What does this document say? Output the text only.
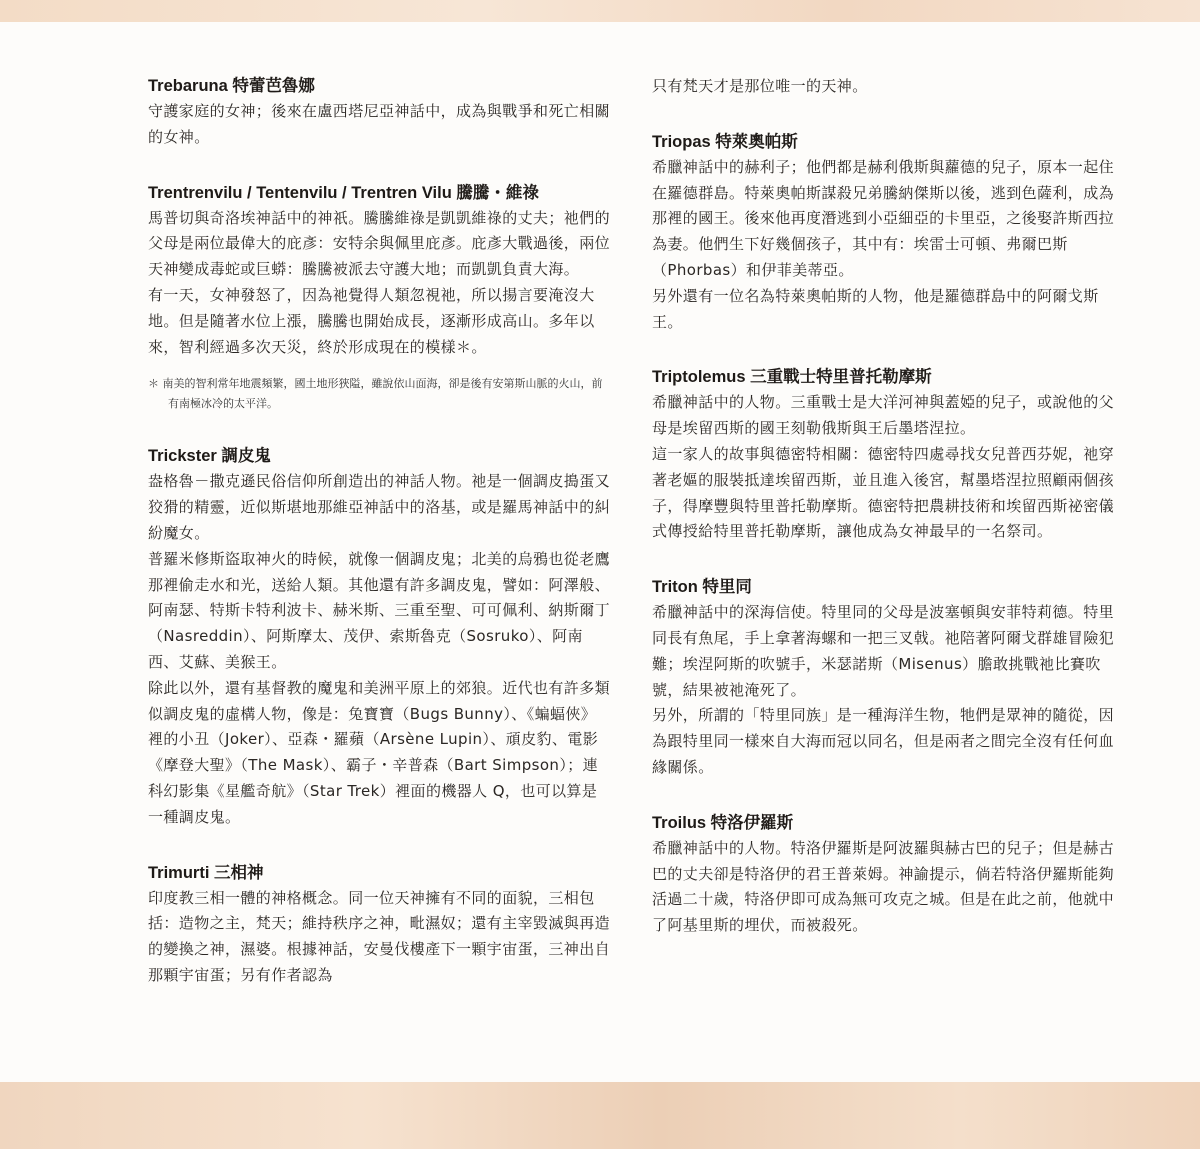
Trebaruna 特蕾芭魯娜

守護家庭的女神；後來在盧西塔尼亞神話中，成為與戰爭和死亡相關的女神。

Trentrenvilu / Tentenvilu / Trentren Vilu 騰騰・維祿

馬普切與奇洛埃神話中的神祇。騰騰維祿是凱凱維祿的丈夫；祂們的父母是兩位最偉大的庇彥：安特余與佩里庇彥。庇彥大戰過後，兩位天神變成毒蛇或巨蟒：騰騰被派去守護大地；而凱凱負責大海。

有一天，女神發怒了，因為祂覺得人類忽視祂，所以揚言要淹沒大地。但是隨著水位上漲，騰騰也開始成長，逐漸形成高山。多年以來，智利經過多次天災，終於形成現在的模樣＊。

＊ 南美的智利常年地震頻繁，國土地形狹隘，雖說依山面海，卻是後有安第斯山脈的火山，前有南極冰冷的太平洋。

Trickster 調皮鬼

盎格魯－撒克遜民俗信仰所創造出的神話人物。祂是一個調皮搗蛋又狡猾的精靈，近似斯堪地那維亞神話中的洛基，或是羅馬神話中的糾紛魔女。

普羅米修斯盜取神火的時候，就像一個調皮鬼；北美的烏鴉也從老鷹那裡偷走水和光，送給人類。其他還有許多調皮鬼，譬如：阿澤般、阿南瑟、特斯卡特利波卡、赫米斯、三重至聖、可可佩利、納斯爾丁（Nasreddin）、阿斯摩太、茂伊、索斯魯克（Sosruko）、阿南西、艾蘇、美猴王。

除此以外，還有基督教的魔鬼和美洲平原上的郊狼。近代也有許多類似調皮鬼的虛構人物，像是：兔寶寶（Bugs Bunny）、《蝙蝠俠》裡的小丑（Joker）、亞森・羅蘋（Arsène Lupin）、頑皮豹、電影《摩登大聖》（The Mask）、霸子・辛普森（Bart Simpson）；連科幻影集《星艦奇航》（Star Trek）裡面的機器人 Q，也可以算是一種調皮鬼。

Trimurti 三相神

印度教三相一體的神格概念。同一位天神擁有不同的面貌，三相包括：造物之主，梵天；維持秩序之神，毗濕奴；還有主宰毀滅與再造的變換之神，濕婆。根據神話，安曼伐樓產下一顆宇宙蛋，三神出自那顆宇宙蛋；另有作者認為

只有梵天才是那位唯一的天神。

Triopas 特萊奧帕斯

希臘神話中的赫利子；他們都是赫利俄斯與蘿德的兒子，原本一起住在羅德群島。特萊奧帕斯謀殺兄弟騰納傑斯以後，逃到色薩利，成為那裡的國王。後來他再度潛逃到小亞細亞的卡里亞，之後娶許斯西拉為妻。他們生下好幾個孩子，其中有：埃雷士可頓、弗爾巴斯（Phorbas）和伊菲美蒂亞。

另外還有一位名為特萊奧帕斯的人物，他是羅德群島中的阿爾戈斯王。

Triptolemus 三重戰士特里普托勒摩斯

希臘神話中的人物。三重戰士是大洋河神與蓋婭的兒子，或說他的父母是埃留西斯的國王刻勒俄斯與王后墨塔涅拉。

這一家人的故事與德密特相關：德密特四處尋找女兒普西芬妮，祂穿著老嫗的服裝抵達埃留西斯，並且進入後宮，幫墨塔涅拉照顧兩個孩子，得摩豐與特里普托勒摩斯。德密特把農耕技術和埃留西斯祕密儀式傳授給特里普托勒摩斯，讓他成為女神最早的一名祭司。

Triton 特里同

希臘神話中的深海信使。特里同的父母是波塞頓與安菲特莉德。特里同長有魚尾，手上拿著海螺和一把三叉戟。祂陪著阿爾戈群雄冒險犯難；埃涅阿斯的吹號手，米瑟諾斯（Misenus）膽敢挑戰祂比賽吹號，結果被祂淹死了。

另外，所謂的「特里同族」是一種海洋生物，牠們是眾神的隨從，因為跟特里同一樣來自大海而冠以同名，但是兩者之間完全沒有任何血緣關係。

Troilus 特洛伊羅斯

希臘神話中的人物。特洛伊羅斯是阿波羅與赫古巴的兒子；但是赫古巴的丈夫卻是特洛伊的君王普萊姆。神諭提示，倘若特洛伊羅斯能夠活過二十歲，特洛伊即可成為無可攻克之城。但是在此之前，他就中了阿基里斯的埋伏，而被殺死。
